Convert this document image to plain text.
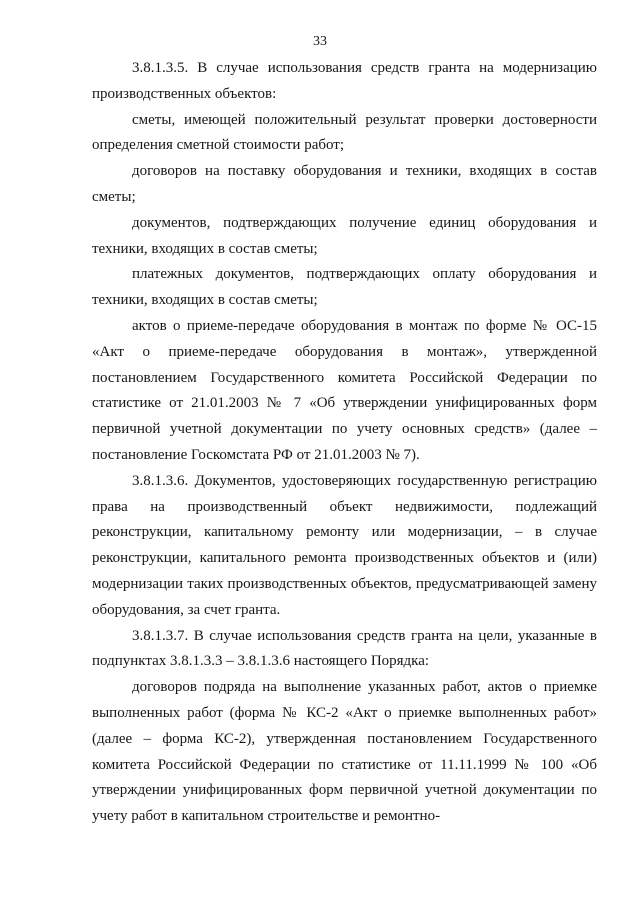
33

3.8.1.3.5. В случае использования средств гранта на модернизацию производственных объектов:

сметы, имеющей положительный результат проверки достоверности определения сметной стоимости работ;

договоров на поставку оборудования и техники, входящих в состав сметы;

документов, подтверждающих получение единиц оборудования и техники, входящих в состав сметы;

платежных документов, подтверждающих оплату оборудования и техники, входящих в состав сметы;

актов о приеме-передаче оборудования в монтаж по форме № ОС-15 «Акт о приеме-передаче оборудования в монтаж», утвержденной постановлением Государственного комитета Российской Федерации по статистике от 21.01.2003 № 7 «Об утверждении унифицированных форм первичной учетной документации по учету основных средств» (далее – постановление Госкомстата РФ от 21.01.2003 № 7).

3.8.1.3.6. Документов, удостоверяющих государственную регистрацию права на производственный объект недвижимости, подлежащий реконструкции, капитальному ремонту или модернизации, – в случае реконструкции, капитального ремонта производственных объектов и (или) модернизации таких производственных объектов, предусматривающей замену оборудования, за счет гранта.

3.8.1.3.7. В случае использования средств гранта на цели, указанные в подпунктах 3.8.1.3.3 – 3.8.1.3.6 настоящего Порядка:

договоров подряда на выполнение указанных работ, актов о приемке выполненных работ (форма № КС-2 «Акт о приемке выполненных работ» (далее – форма КС-2), утвержденная постановлением Государственного комитета Российской Федерации по статистике от 11.11.1999 № 100 «Об утверждении унифицированных форм первичной учетной документации по учету работ в капитальном строительстве и ремонтно-
